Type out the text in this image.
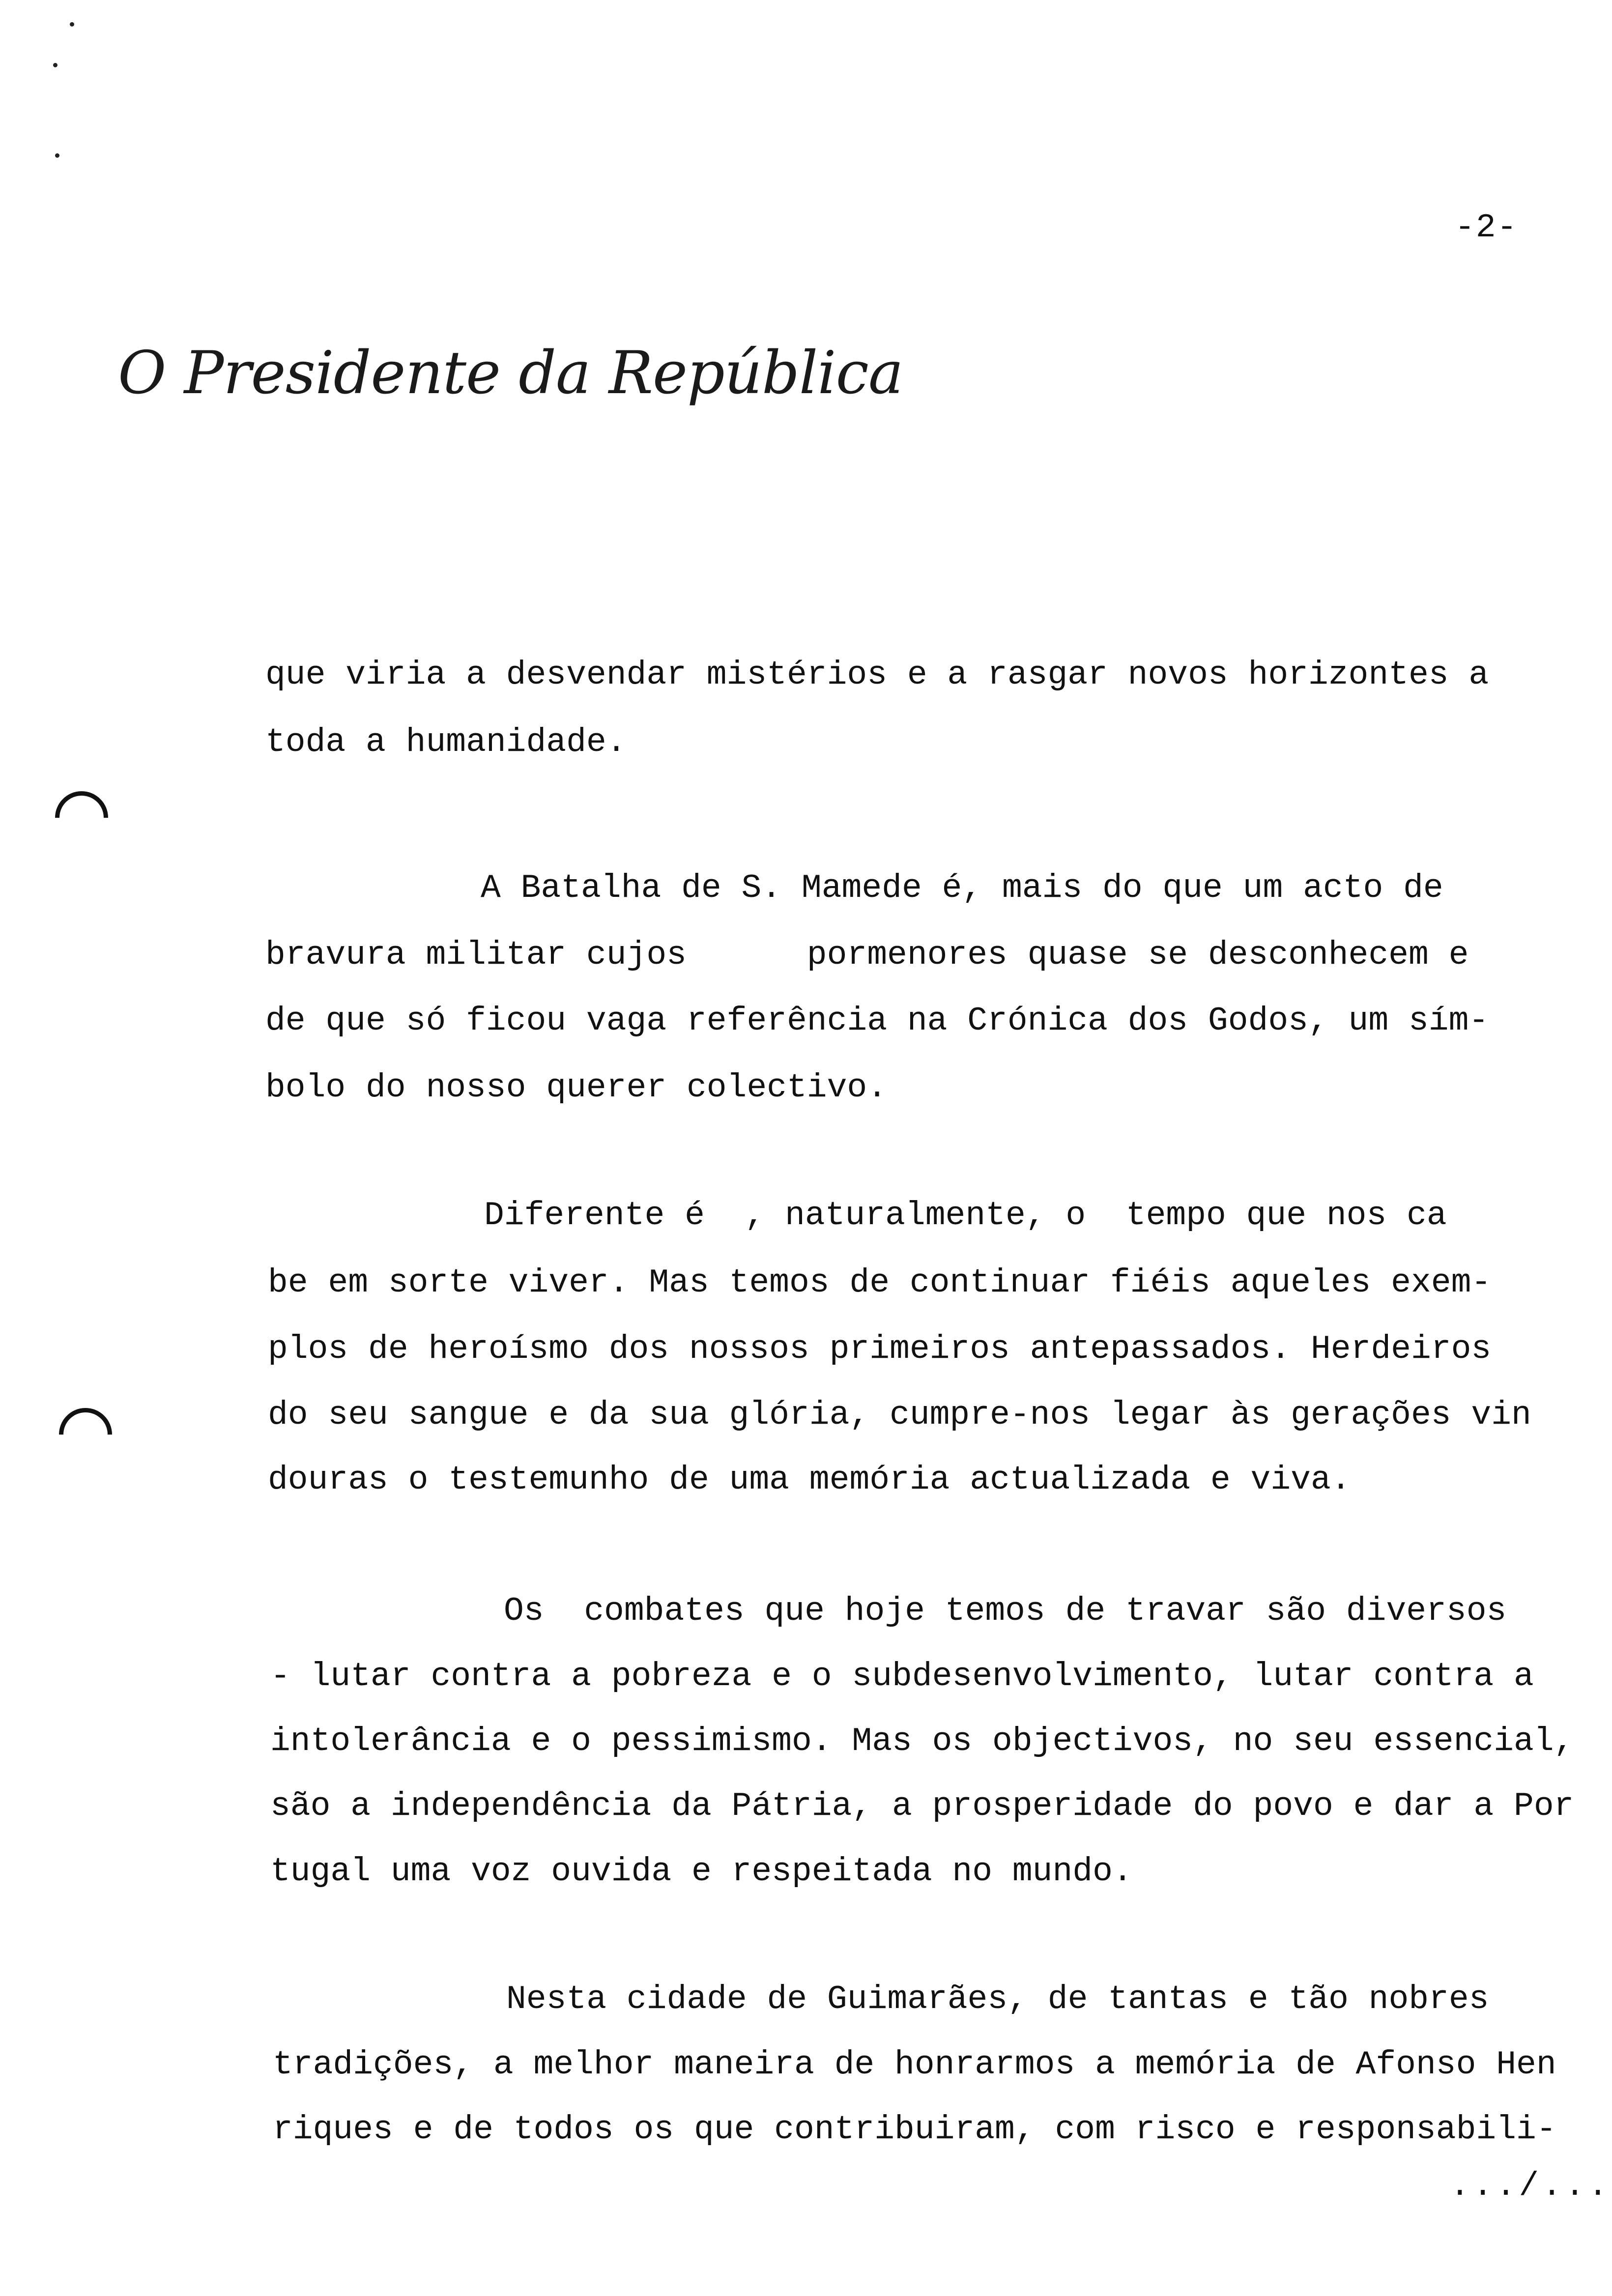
-2-
O Presidente da República
que viria a desvendar mistérios e a rasgar novos horizontes a
toda a humanidade.
A Batalha de S. Mamede é, mais do que um acto de
bravura militar cujos      pormenores quase se desconhecem e
de que só ficou vaga referência na Crónica dos Godos, um sím-
bolo do nosso querer colectivo.
Diferente é  , naturalmente, o  tempo que nos ca
be em sorte viver. Mas temos de continuar fiéis aqueles exem-
plos de heroísmo dos nossos primeiros antepassados. Herdeiros
do seu sangue e da sua glória, cumpre-nos legar às gerações vin
douras o testemunho de uma memória actualizada e viva.
Os  combates que hoje temos de travar são diversos
- lutar contra a pobreza e o subdesenvolvimento, lutar contra a
intolerância e o pessimismo. Mas os objectivos, no seu essencial,
são a independência da Pátria, a prosperidade do povo e dar a Por
tugal uma voz ouvida e respeitada no mundo.
Nesta cidade de Guimarães, de tantas e tão nobres
tradições, a melhor maneira de honrarmos a memória de Afonso Hen
riques e de todos os que contribuiram, com risco e responsabili-
.../...
